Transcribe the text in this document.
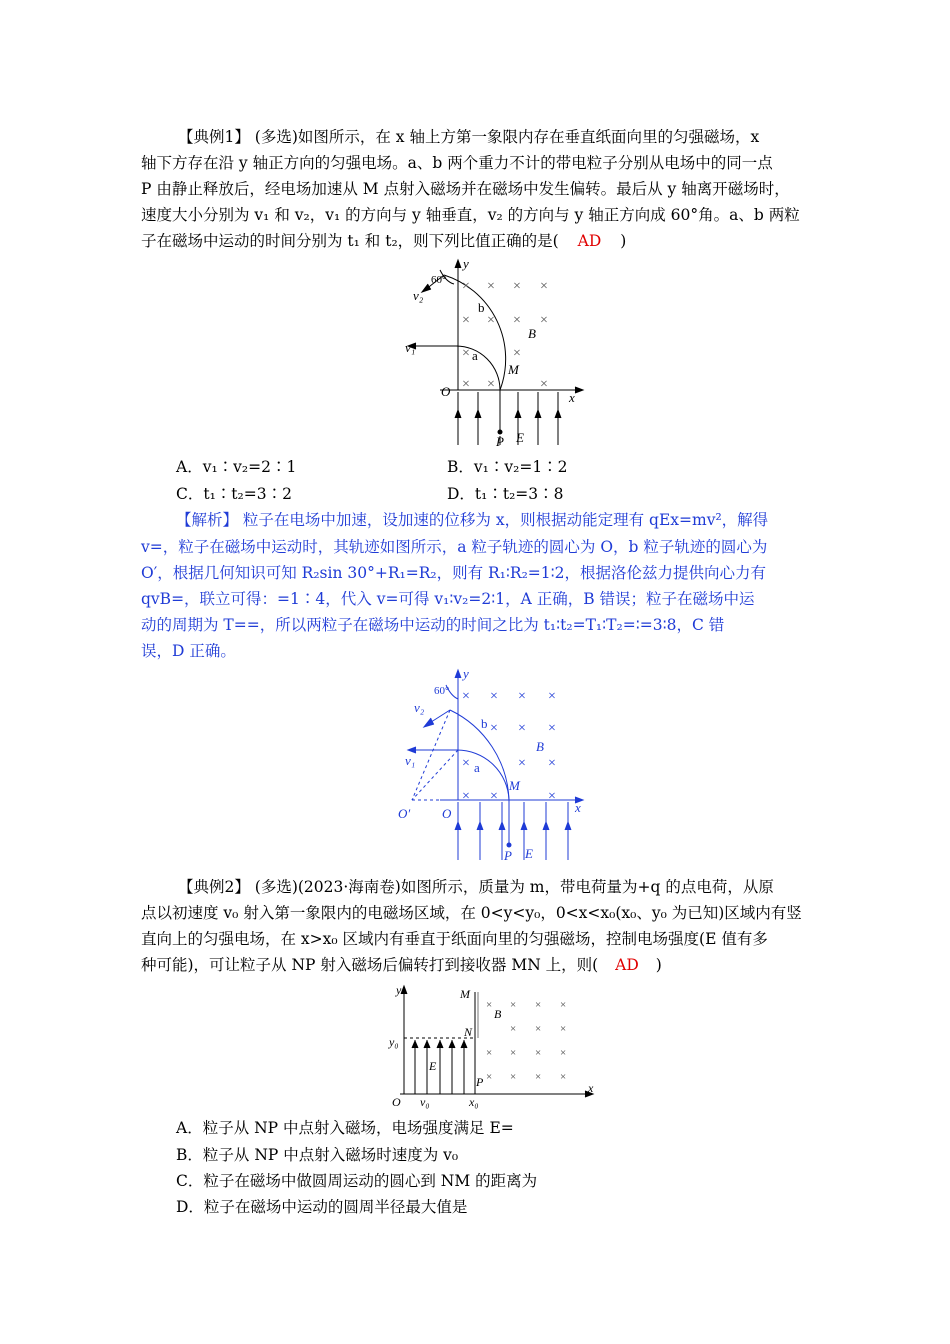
【典例1】 (多选)如图所示，在 x 轴上方第一象限内存在垂直纸面向里的匀强磁场，x
轴下方存在沿 y 轴正方向的匀强电场。a、b 两个重力不计的带电粒子分别从电场中的同一点
P 由静止释放后，经电场加速从 M 点射入磁场并在磁场中发生偏转。最后从 y 轴离开磁场时，
速度大小分别为 v₁ 和 v₂，v₁ 的方向与 y 轴垂直，v₂ 的方向与 y 轴正方向成 60°角。a、b 两粒
子在磁场中运动的时间分别为 t₁ 和 t₂，则下列比值正确的是( AD )
× × × ×
× × × ×
×	×
× ×	×
60°
v₂
v₁
b
a
B
M
O	x
y
P E
A．v₁∶v₂=2∶1	B．v₁∶v₂=1∶2
C．t₁∶t₂=3∶2	D．t₁∶t₂=3∶8
【解析】 粒子在电场中加速，设加速的位移为 x，则根据动能定理有 qEx=mv²，解得
v=，粒子在磁场中运动时，其轨迹如图所示，a 粒子轨迹的圆心为 O，b 粒子轨迹的圆心为
O′，根据几何知识可知 R₂sin 30°+R₁=R₂，则有 R₁∶R₂=1∶2，根据洛伦兹力提供向心力有
qvB=，联立可得：=1∶4，代入 v=可得 v₁∶v₂=2∶1，A 正确，B 错误；粒子在磁场中运
动的周期为 T==，所以两粒子在磁场中运动的时间之比为 t₁∶t₂=T₁∶T₂=∶=3∶8，C 错
误，D 正确。
× × × ×
× × ×
×	× ×
× ×	×
60°
v₂
v₁
b
a
B
M
O
O′	x
y
P E
【典例2】 (多选)(2023·海南卷)如图所示，质量为 m，带电荷量为+q 的点电荷，从原
点以初速度 v₀ 射入第一象限内的电磁场区域，在 0<y<y₀，0<x<x₀(x₀、y₀ 为已知)区域内有竖
直向上的匀强电场，在 x>x₀ 区域内有垂直于纸面向里的匀强磁场，控制电场强度(E 值有多
种可能)，可让粒子从 NP 射入磁场后偏转打到接收器 MN 上，则( AD )
× × × ×
× × ×
× × × ×
× × × ×
y	M
B
N
y₀
E
P
O v₀	x₀
x
A．粒子从 NP 中点射入磁场，电场强度满足 E=
B．粒子从 NP 中点射入磁场时速度为 v₀
C．粒子在磁场中做圆周运动的圆心到 NM 的距离为
D．粒子在磁场中运动的圆周半径最大值是
